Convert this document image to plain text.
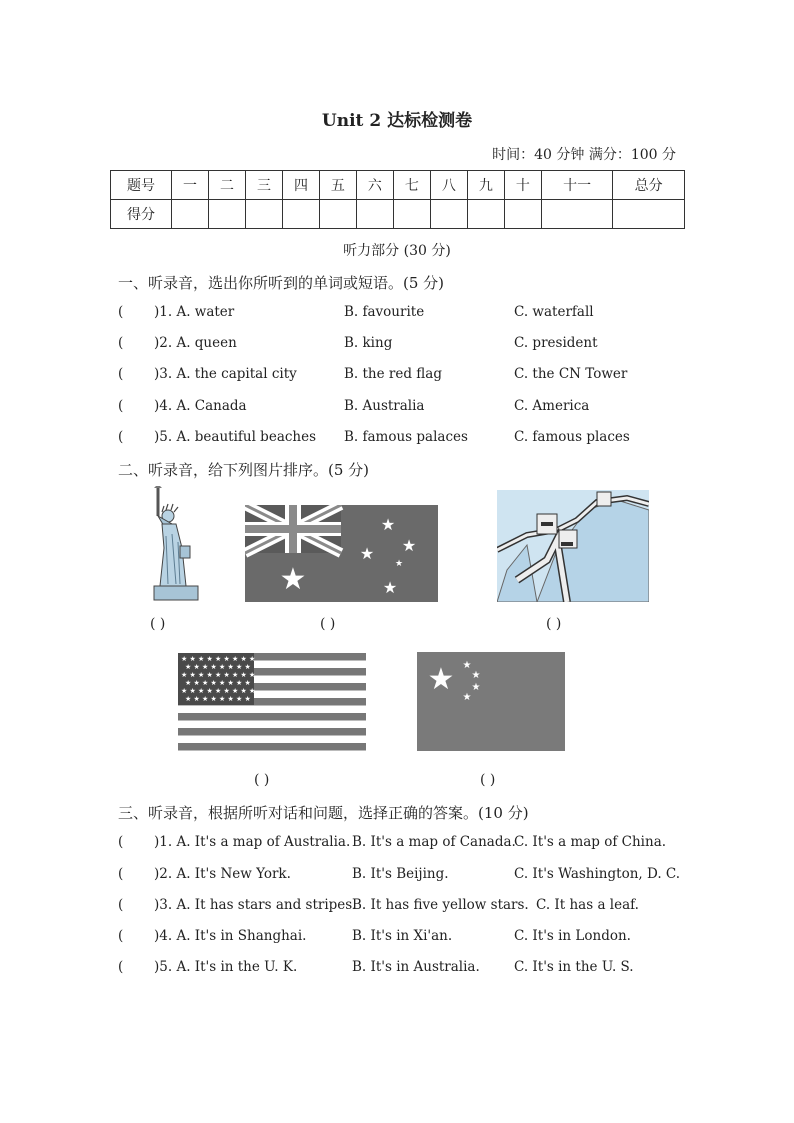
Unit 2 达标检测卷
时间：40 分钟 满分：100 分
题号	一	二	三	四	五	六	七	八	九	十	十一	总分
得分												
听力部分 (30 分)
一、听录音，选出你所听到的单词或短语。(5 分)
( )1. A. water	B. favourite	C. waterfall
( )2. A. queen	B. king	C. president
( )3. A. the capital city	B. the red flag	C. the CN Tower
( )4. A. Canada	B. Australia	C. America
( )5. A. beautiful beaches B. famous palaces	C. famous places
二、听录音，给下列图片排序。(5 分)
★
★
★ ★
★
★
( )	( )	( )
★ ★ ★ ★ ★ ★ ★ ★ ★
★ ★ ★ ★ ★ ★ ★ ★
★ ★ ★ ★ ★ ★ ★ ★ ★
★ ★ ★ ★ ★ ★ ★ ★
★ ★ ★ ★ ★ ★ ★ ★ ★
★ ★ ★ ★ ★ ★ ★ ★
★ ★
★
★
★
( )	( )
三、听录音，根据所听对话和问题，选择正确的答案。(10 分)
( )1. A. It's a map of Australia. B. It's a map of Canada.
C. It's a map of China.
( )2. A. It's New York.	B. It's Beijing.	C. It's Washington, D. C.
( )3. A. It has stars and stripes.
B. It has five yellow stars. C. It has a leaf.
( )4. A. It's in Shanghai.	B. It's in Xi'an.	C. It's in London.
( )5. A. It's in the U. K.	B. It's in Australia.	C. It's in the U. S.
